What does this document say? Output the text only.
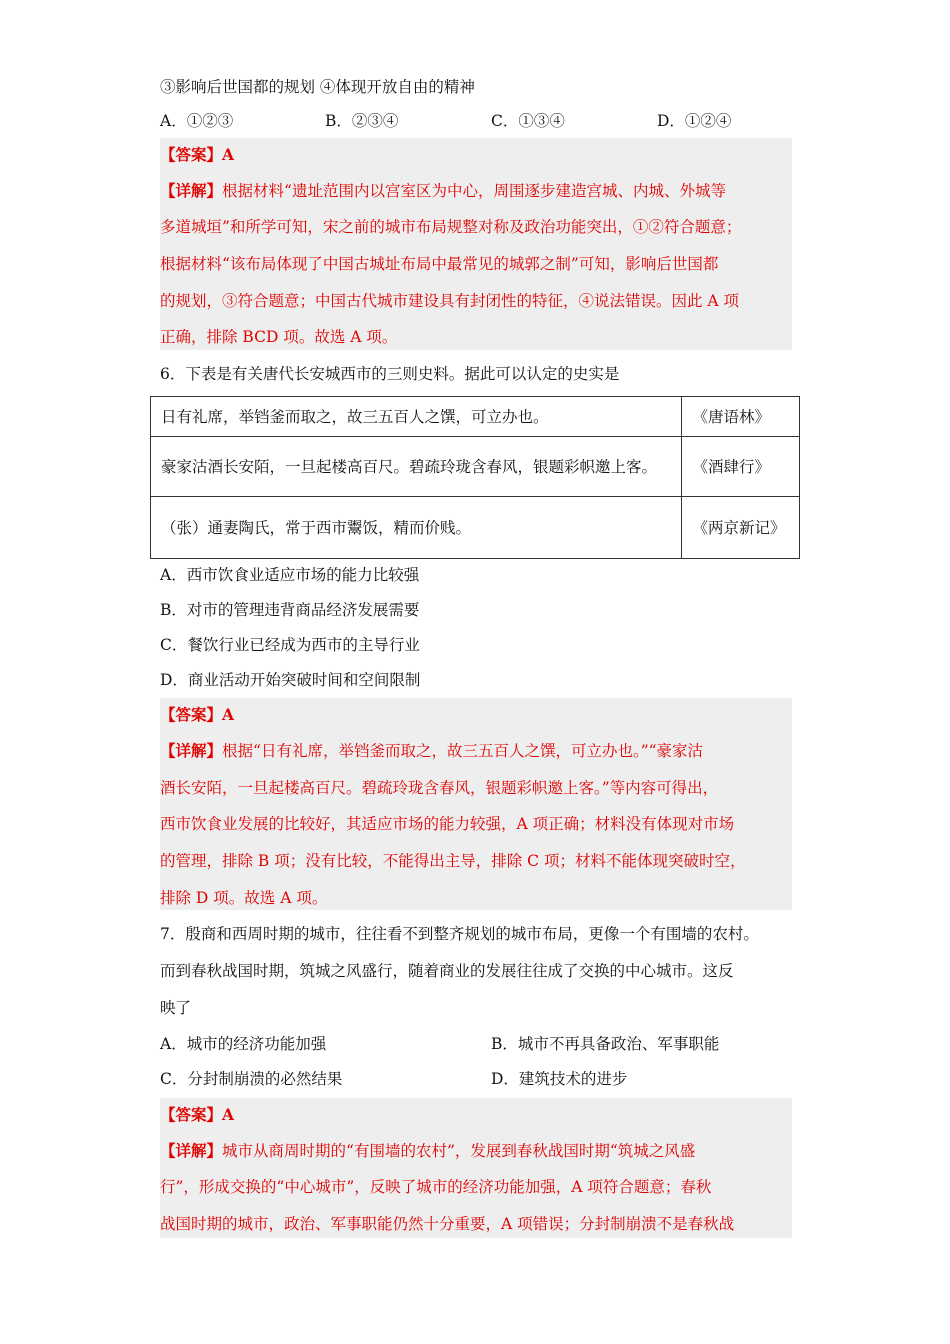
③影响后世国都的规划 ④体现开放自由的精神
A．①②③	B．②③④	C．①③④	D．①②④
【答案】A
【详解】根据材料“遗址范围内以宫室区为中心，周围逐步建造宫城、内城、外城等
多道城垣”和所学可知，宋之前的城市布局规整对称及政治功能突出，①②符合题意；
根据材料“该布局体现了中国古城址布局中最常见的城郭之制”可知，影响后世国都
的规划，③符合题意；中国古代城市建设具有封闭性的特征，④说法错误。因此 A 项
正确，排除 BCD 项。故选 A 项。
6．下表是有关唐代长安城西市的三则史料。据此可以认定的史实是
日有礼席，举铛釜而取之，故三五百人之馔，可立办也。	《唐语林》
豪家沽酒长安陌，一旦起楼高百尺。碧疏玲珑含春风，银题彩帜邀上客。	《酒肆行》
（张）通妻陶氏，常于西市鬻饭，精而价贱。	《两京新记》
A．西市饮食业适应市场的能力比较强
B．对市的管理违背商品经济发展需要
C．餐饮行业已经成为西市的主导行业
D．商业活动开始突破时间和空间限制
【答案】A
【详解】根据“日有礼席，举铛釜而取之，故三五百人之馔，可立办也。”“豪家沽
酒长安陌，一旦起楼高百尺。碧疏玲珑含春风，银题彩帜邀上客。”等内容可得出，
西市饮食业发展的比较好，其适应市场的能力较强，A 项正确；材料没有体现对市场
的管理，排除 B 项；没有比较，不能得出主导，排除 C 项；材料不能体现突破时空，
排除 D 项。故选 A 项。
7．殷商和西周时期的城市，往往看不到整齐规划的城市布局，更像一个有围墙的农村。
而到春秋战国时期，筑城之风盛行，随着商业的发展往往成了交换的中心城市。这反
映了
A．城市的经济功能加强	B．城市不再具备政治、军事职能
C．分封制崩溃的必然结果	D．建筑技术的进步
【答案】A
【详解】城市从商周时期的“有围墙的农村”，发展到春秋战国时期“筑城之风盛
行”，形成交换的“中心城市”，反映了城市的经济功能加强，A 项符合题意；春秋
战国时期的城市，政治、军事职能仍然十分重要，A 项错误；分封制崩溃不是春秋战
